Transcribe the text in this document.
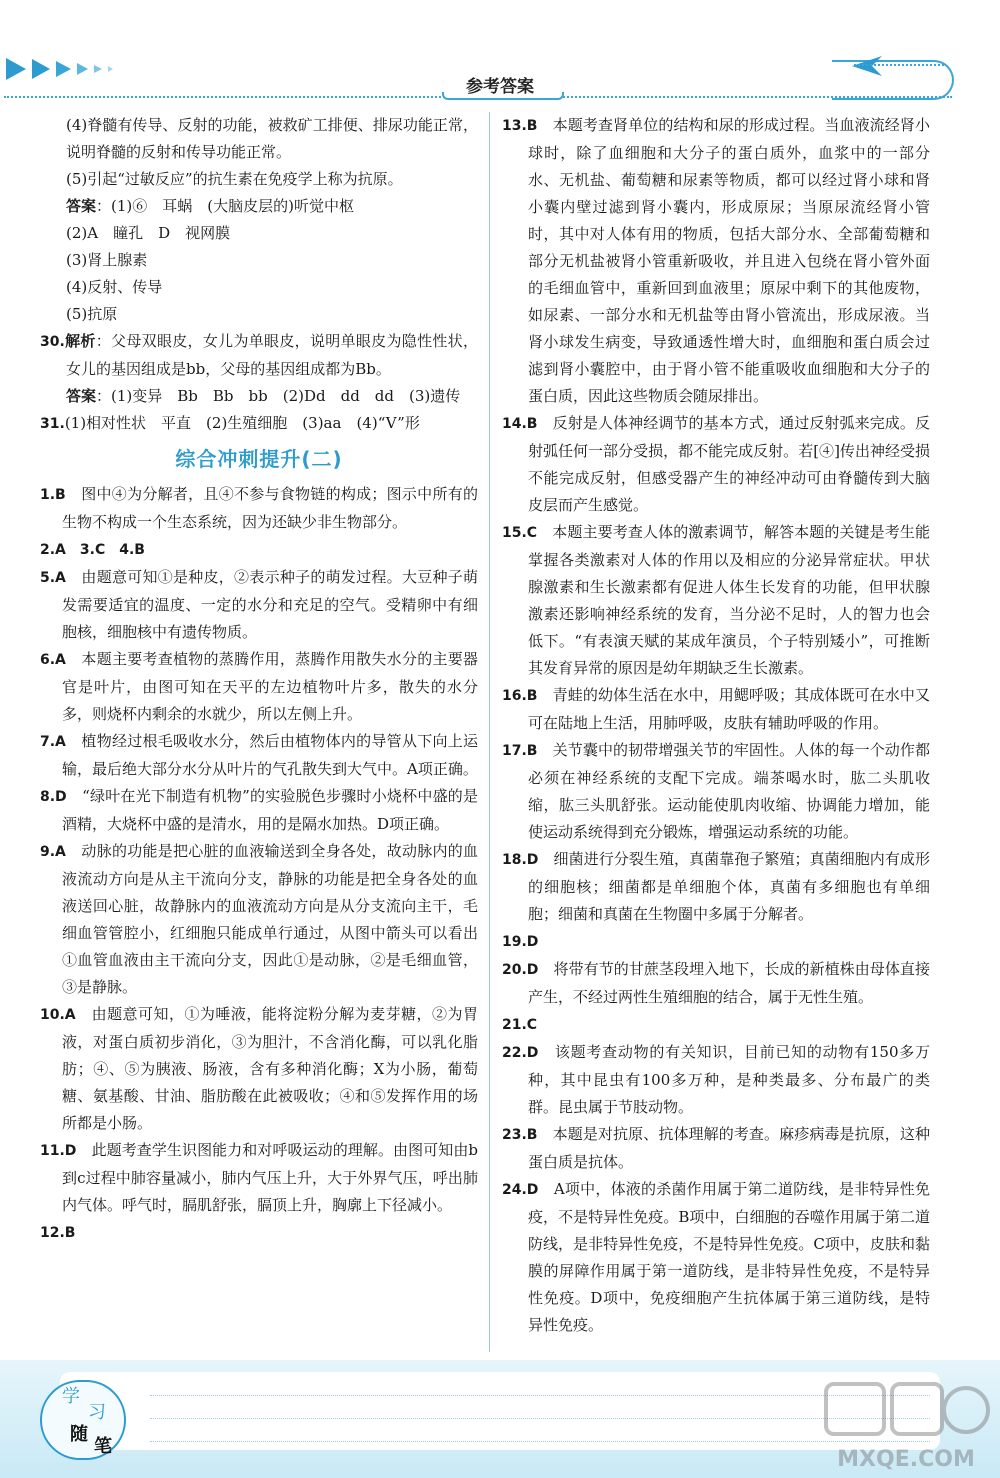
参考答案

(4)脊髓有传导、反射的功能，被救矿工排便、排尿功能正常，说明脊髓的反射和传导功能正常。

(5)引起“过敏反应”的抗生素在免疫学上称为抗原。

答案：(1)⑥　耳蜗　(大脑皮层的)听觉中枢

(2)A　瞳孔　D　视网膜

(3)肾上腺素

(4)反射、传导

(5)抗原

30.解析：父母双眼皮，女儿为单眼皮，说明单眼皮为隐性性状，女儿的基因组成是bb，父母的基因组成都为Bb。

答案：(1)变异　Bb　Bb　bb　(2)Dd　dd　dd　(3)遗传

31.(1)相对性状　平直　(2)生殖细胞　(3)aa　(4)“V”形

综合冲刺提升(二)

1.B　图中④为分解者，且④不参与食物链的构成；图示中所有的生物不构成一个生态系统，因为还缺少非生物部分。

2.A　3.C　4.B

5.A　由题意可知①是种皮，②表示种子的萌发过程。大豆种子萌发需要适宜的温度、一定的水分和充足的空气。受精卵中有细胞核，细胞核中有遗传物质。

6.A　本题主要考查植物的蒸腾作用，蒸腾作用散失水分的主要器官是叶片，由图可知在天平的左边植物叶片多，散失的水分多，则烧杯内剩余的水就少，所以左侧上升。

7.A　植物经过根毛吸收水分，然后由植物体内的导管从下向上运输，最后绝大部分水分从叶片的气孔散失到大气中。A项正确。

8.D　“绿叶在光下制造有机物”的实验脱色步骤时小烧杯中盛的是酒精，大烧杯中盛的是清水，用的是隔水加热。D项正确。

9.A　动脉的功能是把心脏的血液输送到全身各处，故动脉内的血液流动方向是从主干流向分支，静脉的功能是把全身各处的血液送回心脏，故静脉内的血液流动方向是从分支流向主干，毛细血管管腔小，红细胞只能成单行通过，从图中箭头可以看出①血管血液由主干流向分支，因此①是动脉，②是毛细血管，③是静脉。

10.A　由题意可知，①为唾液，能将淀粉分解为麦芽糖，②为胃液，对蛋白质初步消化，③为胆汁，不含消化酶，可以乳化脂肪；④、⑤为胰液、肠液，含有多种消化酶；X为小肠，葡萄糖、氨基酸、甘油、脂肪酸在此被吸收；④和⑤发挥作用的场所都是小肠。

11.D　此题考查学生识图能力和对呼吸运动的理解。由图可知由b到c过程中肺容量减小，肺内气压上升，大于外界气压，呼出肺内气体。呼气时，膈肌舒张，膈顶上升，胸廓上下径减小。

12.B

13.B　本题考查肾单位的结构和尿的形成过程。当血液流经肾小球时，除了血细胞和大分子的蛋白质外，血浆中的一部分水、无机盐、葡萄糖和尿素等物质，都可以经过肾小球和肾小囊内壁过滤到肾小囊内，形成原尿；当原尿流经肾小管时，其中对人体有用的物质，包括大部分水、全部葡萄糖和部分无机盐被肾小管重新吸收，并且进入包绕在肾小管外面的毛细血管中，重新回到血液里；原尿中剩下的其他废物，如尿素、一部分水和无机盐等由肾小管流出，形成尿液。当肾小球发生病变，导致通透性增大时，血细胞和蛋白质会过滤到肾小囊腔中，由于肾小管不能重吸收血细胞和大分子的蛋白质，因此这些物质会随尿排出。

14.B　反射是人体神经调节的基本方式，通过反射弧来完成。反射弧任何一部分受损，都不能完成反射。若[④]传出神经受损不能完成反射，但感受器产生的神经冲动可由脊髓传到大脑皮层而产生感觉。

15.C　本题主要考查人体的激素调节，解答本题的关键是考生能掌握各类激素对人体的作用以及相应的分泌异常症状。甲状腺激素和生长激素都有促进人体生长发育的功能，但甲状腺激素还影响神经系统的发育，当分泌不足时，人的智力也会低下。“有表演天赋的某成年演员，个子特别矮小”，可推断其发育异常的原因是幼年期缺乏生长激素。

16.B　青蛙的幼体生活在水中，用鳃呼吸；其成体既可在水中又可在陆地上生活，用肺呼吸，皮肤有辅助呼吸的作用。

17.B　关节囊中的韧带增强关节的牢固性。人体的每一个动作都必须在神经系统的支配下完成。端茶喝水时，肱二头肌收缩，肱三头肌舒张。运动能使肌肉收缩、协调能力增加，能使运动系统得到充分锻炼，增强运动系统的功能。

18.D　细菌进行分裂生殖，真菌靠孢子繁殖；真菌细胞内有成形的细胞核；细菌都是单细胞个体，真菌有多细胞也有单细胞；细菌和真菌在生物圈中多属于分解者。

19.D

20.D　将带有节的甘蔗茎段埋入地下，长成的新植株由母体直接产生，不经过两性生殖细胞的结合，属于无性生殖。

21.C

22.D　该题考查动物的有关知识，目前已知的动物有150多万种，其中昆虫有100多万种，是种类最多、分布最广的类群。昆虫属于节肢动物。

23.B　本题是对抗原、抗体理解的考查。麻疹病毒是抗原，这种蛋白质是抗体。

24.D　A项中，体液的杀菌作用属于第二道防线，是非特异性免疫，不是特异性免疫。B项中，白细胞的吞噬作用属于第二道防线，是非特异性免疫，不是特异性免疫。C项中，皮肤和黏膜的屏障作用属于第一道防线，是非特异性免疫，不是特异性免疫。D项中，免疫细胞产生抗体属于第三道防线，是特异性免疫。

学
习
随
笔
MXQE.COM
